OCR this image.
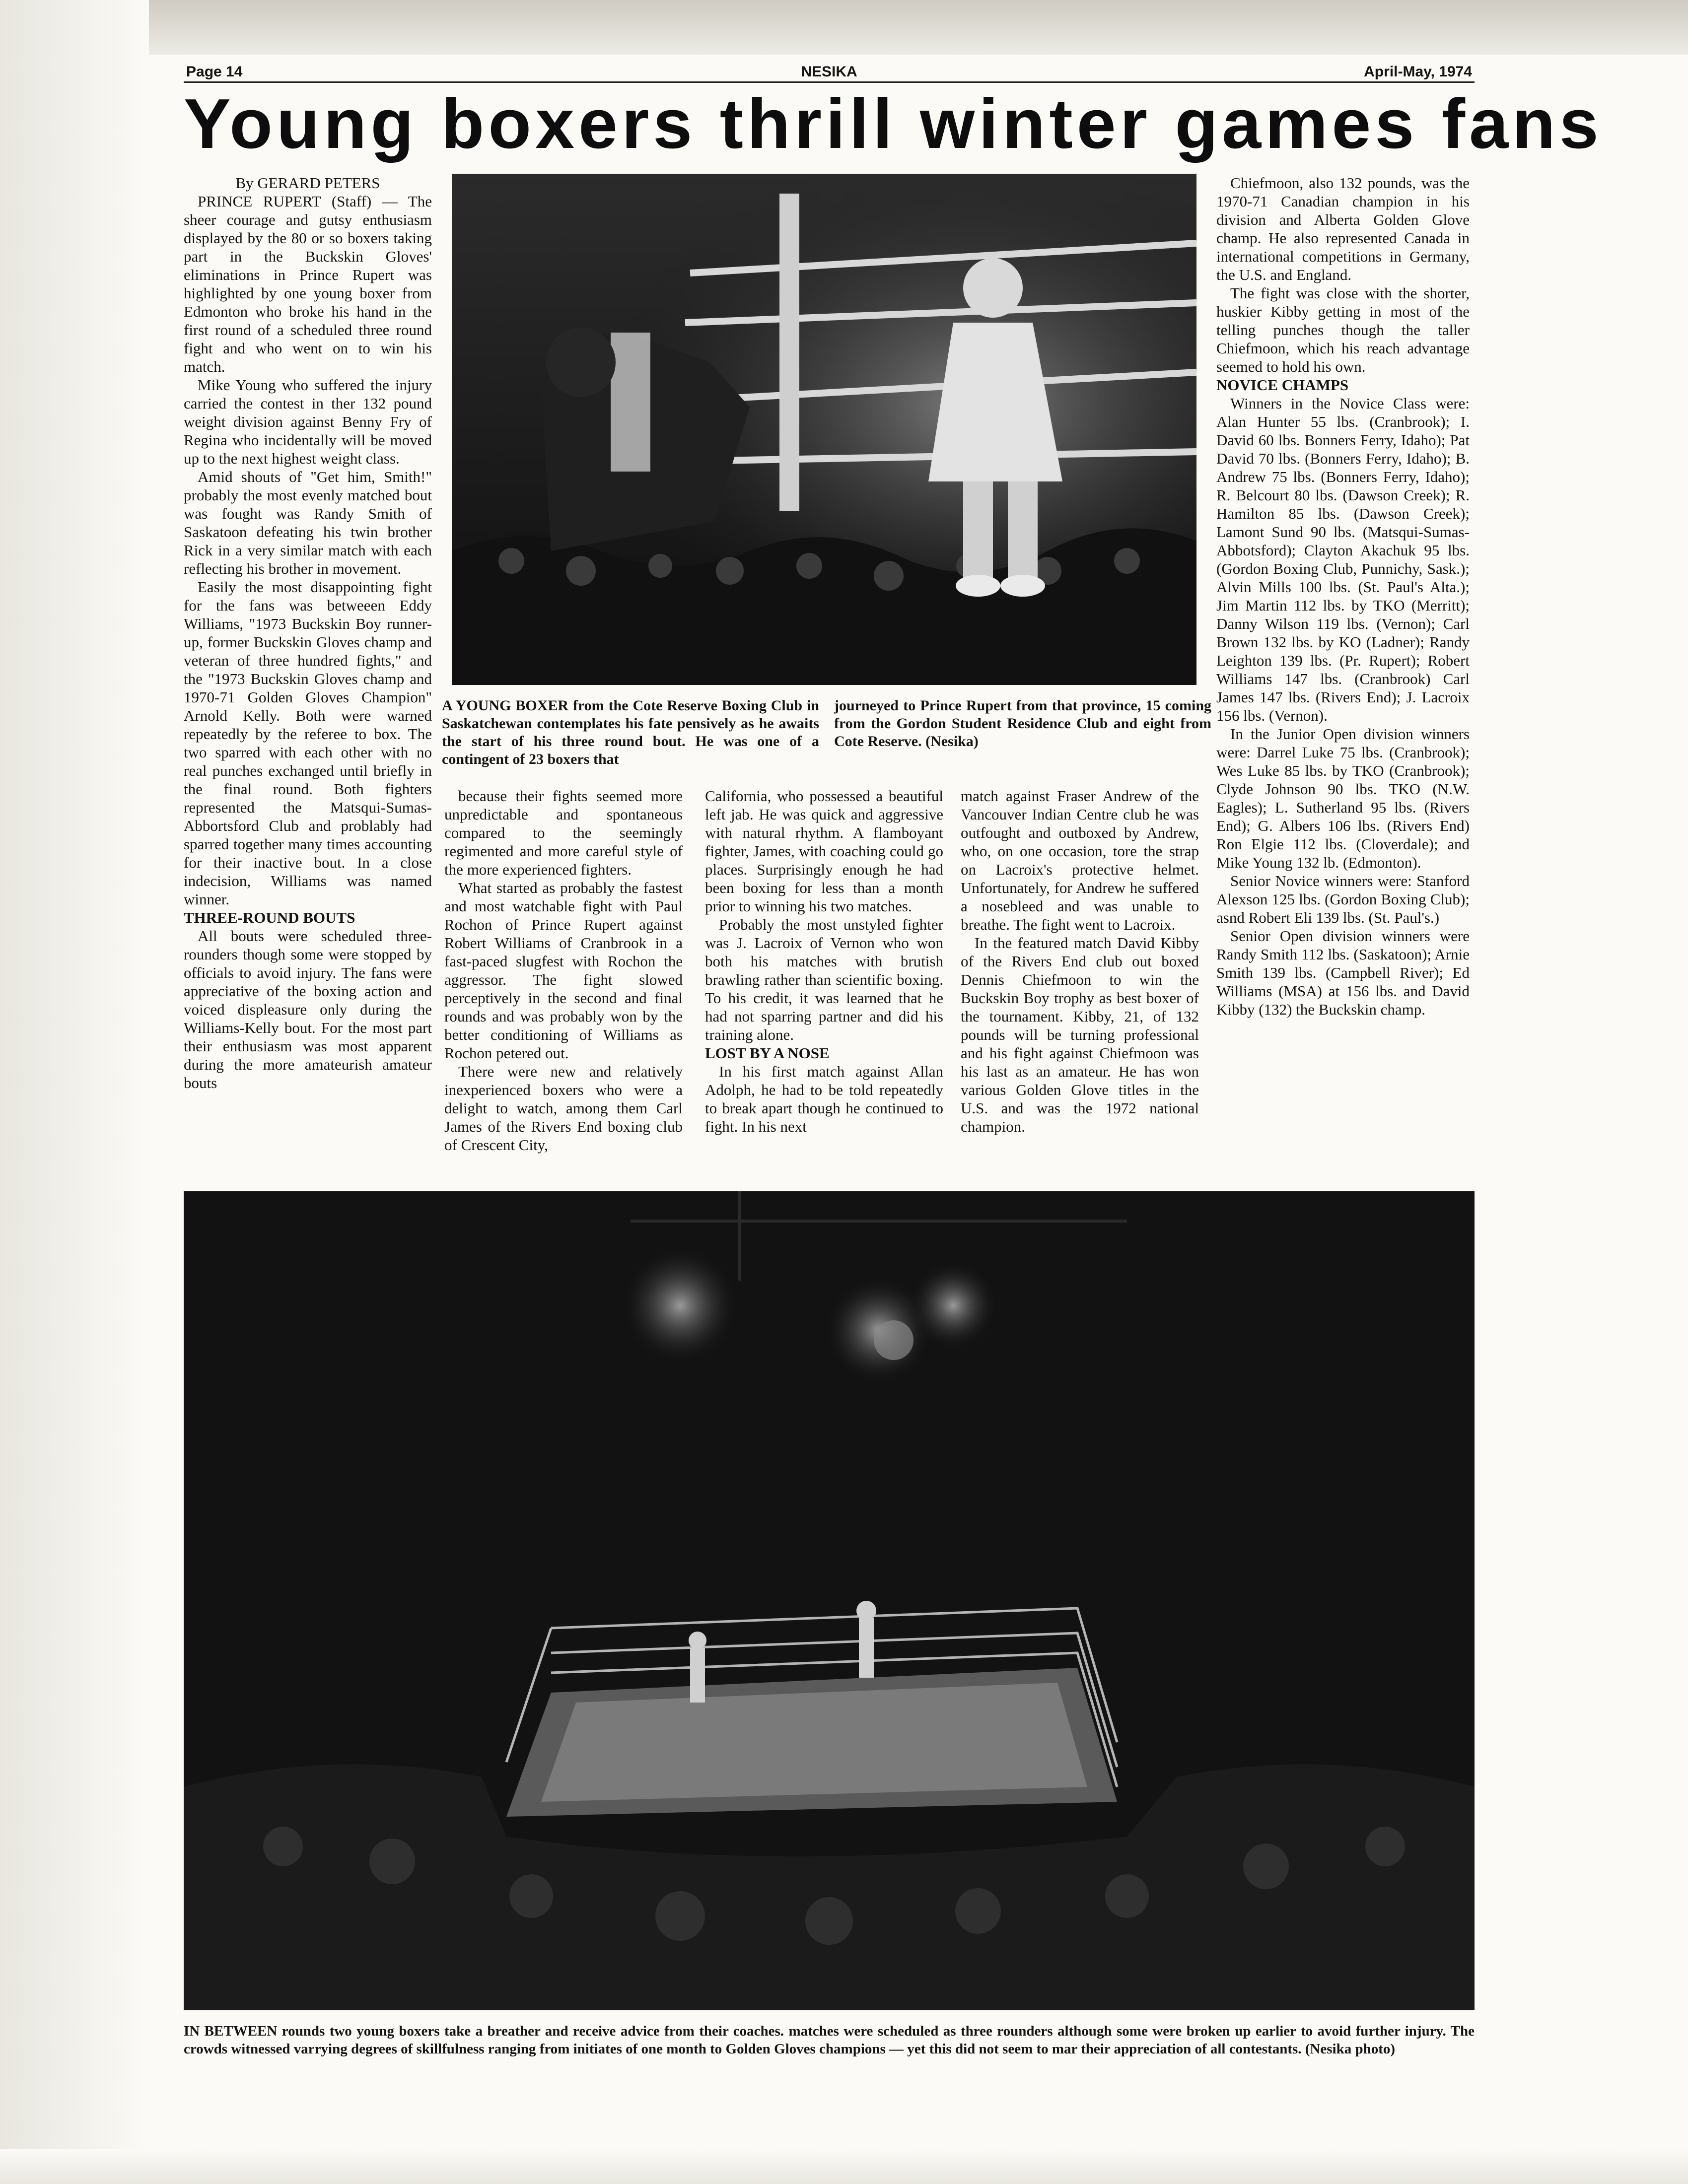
Page 14	NESIKA	April-May, 1974
Young boxers thrill winter games fans
By GERARD PETERS

PRINCE RUPERT (Staff) — The sheer courage and gutsy enthusiasm displayed by the 80 or so boxers taking part in the Buckskin Gloves' eliminations in Prince Rupert was highlighted by one young boxer from Edmonton who broke his hand in the first round of a scheduled three round fight and who went on to win his match.

Mike Young who suffered the injury carried the contest in ther 132 pound weight division against Benny Fry of Regina who incidentally will be moved up to the next highest weight class.

Amid shouts of "Get him, Smith!" probably the most evenly matched bout was fought was Randy Smith of Saskatoon defeating his twin brother Rick in a very similar match with each reflecting his brother in movement.

Easily the most disappointing fight for the fans was betweeen Eddy Williams, "1973 Buckskin Boy runner-up, former Buckskin Gloves champ and veteran of three hundred fights," and the "1973 Buckskin Gloves champ and 1970-71 Golden Gloves Champion" Arnold Kelly. Both were warned repeatedly by the referee to box. The two sparred with each other with no real punches exchanged until briefly in the final round. Both fighters represented the Matsqui-Sumas-Abbortsford Club and problably had sparred together many times accounting for their inactive bout. In a close indecision, Williams was named winner.

THREE-ROUND BOUTS

All bouts were scheduled three-rounders though some were stopped by officials to avoid injury. The fans were appreciative of the boxing action and voiced displeasure only during the Williams-Kelly bout. For the most part their enthusiasm was most apparent during the more amateurish amateur bouts

A YOUNG BOXER from the Cote Reserve Boxing Club in Saskatchewan contemplates his fate pensively as he awaits the start of his three round bout. He was one of a contingent of 23 boxers that

journeyed to Prince Rupert from that province, 15 coming from the Gordon Student Residence Club and eight from Cote Reserve. (Nesika)

because their fights seemed more unpredictable and spontaneous compared to the seemingly regimented and more careful style of the more experienced fighters.

What started as probably the fastest and most watchable fight with Paul Rochon of Prince Rupert against Robert Williams of Cranbrook in a fast-paced slugfest with Rochon the aggressor. The fight slowed perceptively in the second and final rounds and was probably won by the better conditioning of Williams as Rochon petered out.

There were new and relatively inexperienced boxers who were a delight to watch, among them Carl James of the Rivers End boxing club of Crescent City,

California, who possessed a beautiful left jab. He was quick and aggressive with natural rhythm. A flamboyant fighter, James, with coaching could go places. Surprisingly enough he had been boxing for less than a month prior to winning his two matches.

Probably the most unstyled fighter was J. Lacroix of Vernon who won both his matches with brutish brawling rather than scientific boxing. To his credit, it was learned that he had not sparring partner and did his training alone.

LOST BY A NOSE

In his first match against Allan Adolph, he had to be told repeatedly to break apart though he continued to fight. In his next

match against Fraser Andrew of the Vancouver Indian Centre club he was outfought and outboxed by Andrew, who, on one occasion, tore the strap on Lacroix's protective helmet. Unfortunately, for Andrew he suffered a nosebleed and was unable to breathe. The fight went to Lacroix.

In the featured match David Kibby of the Rivers End club out boxed Dennis Chiefmoon to win the Buckskin Boy trophy as best boxer of the tournament. Kibby, 21, of 132 pounds will be turning professional and his fight against Chiefmoon was his last as an amateur. He has won various Golden Glove titles in the U.S. and was the 1972 national champion.

Chiefmoon, also 132 pounds, was the 1970-71 Canadian champion in his division and Alberta Golden Glove champ. He also represented Canada in international competitions in Germany, the U.S. and England.

The fight was close with the shorter, huskier Kibby getting in most of the telling punches though the taller Chiefmoon, which his reach advantage seemed to hold his own.

NOVICE CHAMPS

Winners in the Novice Class were: Alan Hunter 55 lbs. (Cranbrook); I. David 60 lbs. Bonners Ferry, Idaho); Pat David 70 lbs. (Bonners Ferry, Idaho); B. Andrew 75 lbs. (Bonners Ferry, Idaho); R. Belcourt 80 lbs. (Dawson Creek); R. Hamilton 85 lbs. (Dawson Creek); Lamont Sund 90 lbs. (Matsqui-Sumas-Abbotsford); Clayton Akachuk 95 lbs. (Gordon Boxing Club, Punnichy, Sask.); Alvin Mills 100 lbs. (St. Paul's Alta.); Jim Martin 112 lbs. by TKO (Merritt); Danny Wilson 119 lbs. (Vernon); Carl Brown 132 lbs. by KO (Ladner); Randy Leighton 139 lbs. (Pr. Rupert); Robert Williams 147 lbs. (Cranbrook) Carl James 147 lbs. (Rivers End); J. Lacroix 156 lbs. (Vernon).

In the Junior Open division winners were: Darrel Luke 75 lbs. (Cranbrook); Wes Luke 85 lbs. by TKO (Cranbrook); Clyde Johnson 90 lbs. TKO (N.W. Eagles); L. Sutherland 95 lbs. (Rivers End); G. Albers 106 lbs. (Rivers End) Ron Elgie 112 lbs. (Cloverdale); and Mike Young 132 lb. (Edmonton).

Senior Novice winners were: Stanford Alexson 125 lbs. (Gordon Boxing Club); asnd Robert Eli 139 lbs. (St. Paul's.)

Senior Open division winners were Randy Smith 112 lbs. (Saskatoon); Arnie Smith 139 lbs. (Campbell River); Ed Williams (MSA) at 156 lbs. and David Kibby (132) the Buckskin champ.

IN BETWEEN rounds two young boxers take a breather and receive advice from their coaches. matches were scheduled as three rounders although some were broken up earlier to avoid further injury. The crowds witnessed varrying degrees of skillfulness ranging from initiates of one month to Golden Gloves champions — yet this did not seem to mar their appreciation of all contestants. (Nesika photo)
